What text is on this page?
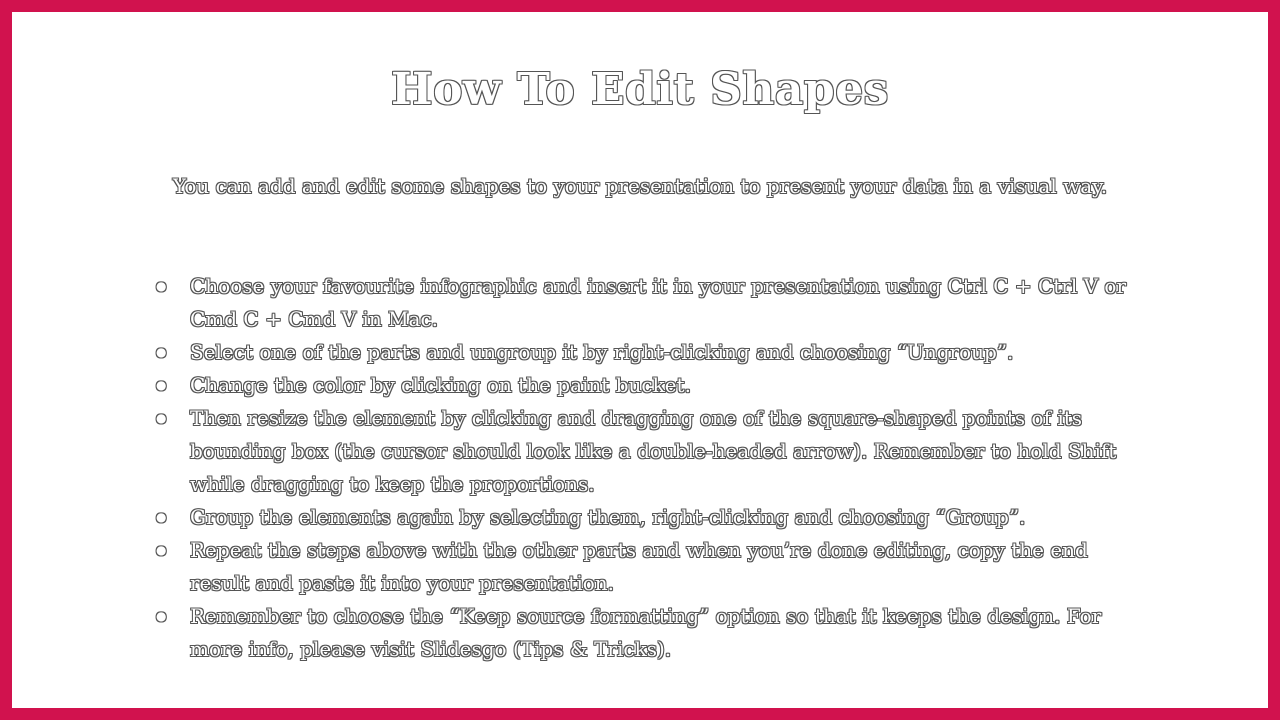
How To Edit Shapes
You can add and edit some shapes to your presentation to present your data in a visual way.
● Choose your favourite infographic and insert it in your presentation using Ctrl C + Ctrl V or Cmd C + Cmd V in Mac.
● Select one of the parts and ungroup it by right-clicking and choosing “Ungroup”.
● Change the color by clicking on the paint bucket.
● Then resize the element by clicking and dragging one of the square-shaped points of its bounding box (the cursor should look like a double-headed arrow). Remember to hold Shift while dragging to keep the proportions.
● Group the elements again by selecting them, right-clicking and choosing “Group”.
● Repeat the steps above with the other parts and when you’re done editing, copy the end result and paste it into your presentation.
● Remember to choose the “Keep source formatting” option so that it keeps the design. For more info, please visit Slidesgo (Tips & Tricks).
